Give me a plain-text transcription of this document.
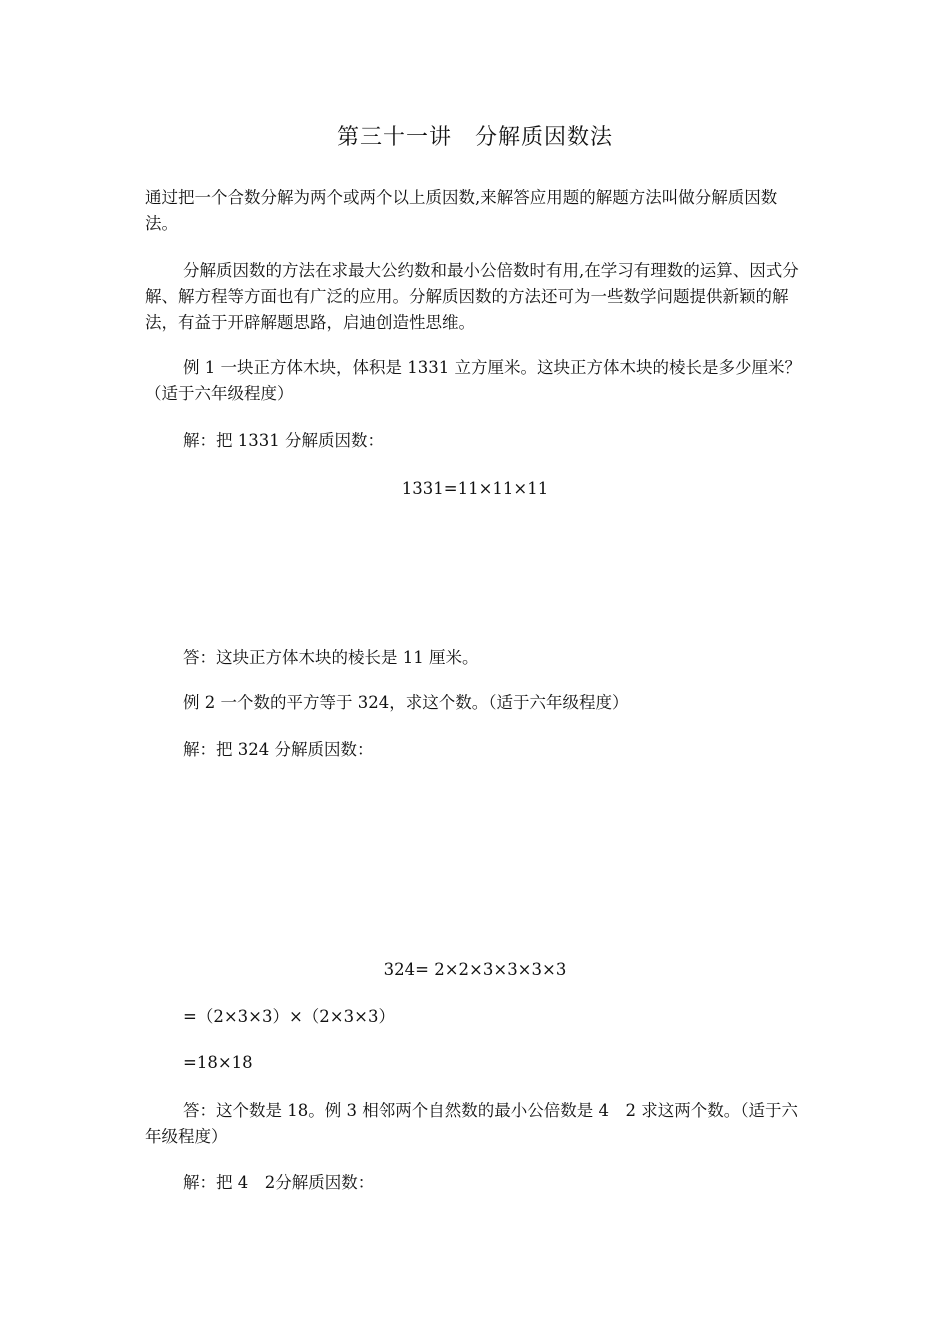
第三十一讲　分解质因数法
通过把一个合数分解为两个或两个以上质因数,来解答应用题的解题方法叫做分解质因数法。
分解质因数的方法在求最大公约数和最小公倍数时有用,在学习有理数的运算、因式分解、解方程等方面也有广泛的应用。分解质因数的方法还可为一些数学问题提供新颖的解法，有益于开辟解题思路，启迪创造性思维。
例 1 一块正方体木块，体积是 1331 立方厘米。这块正方体木块的棱长是多少厘米？（适于六年级程度）
解：把 1331 分解质因数：
1331=11×11×11
答：这块正方体木块的棱长是 11 厘米。
例 2 一个数的平方等于 324，求这个数。（适于六年级程度）
解：把 324 分解质因数：
324= 2×2×3×3×3×3
=（2×3×3）×（2×3×3）
=18×18
答：这个数是 18。例 3 相邻两个自然数的最小公倍数是 4　2 求这两个数。（适于六年级程度）
解：把 4　2分解质因数：
